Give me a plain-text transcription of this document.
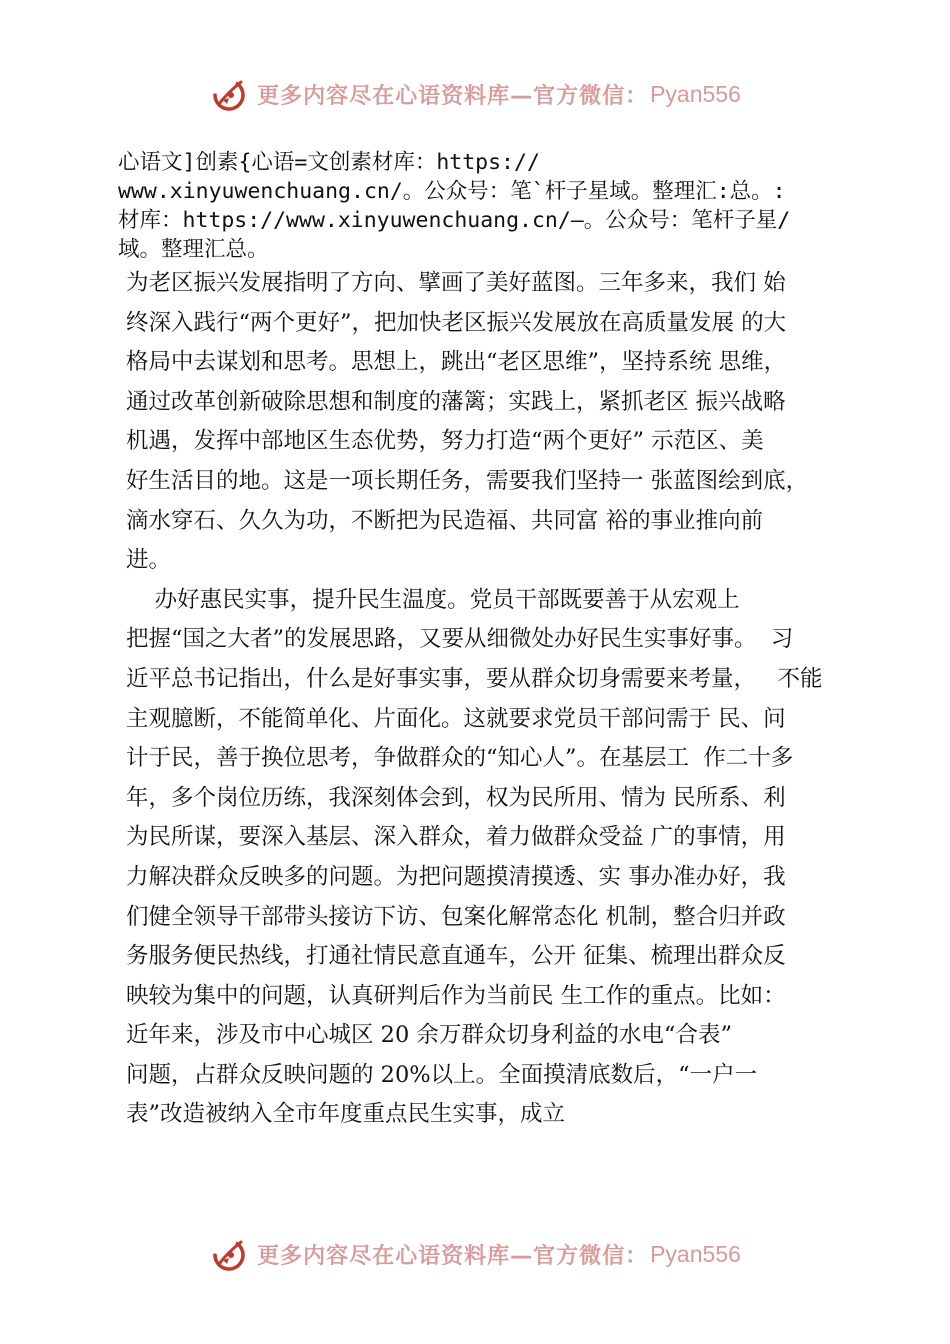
更多内容尽在心语资料库—官方微信： Pyan556
心语文]创素{心语=文创素材库：https://
www.xinyuwenchuang.cn/。公众号：笔`杆子星域。整理汇:总。:
材库：https://www.xinyuwenchuang.cn/—。公众号：笔杆子星/
域。整理汇总。
为老区振兴发展指明了方向、擘画了美好蓝图。三年多来，我们 始
终深入践行“两个更好”，把加快老区振兴发展放在高质量发展 的大
格局中去谋划和思考。思想上，跳出“老区思维”，坚持系统 思维，
通过改革创新破除思想和制度的藩篱；实践上，紧抓老区 振兴战略
机遇，发挥中部地区生态优势，努力打造“两个更好” 示范区、美
好生活目的地。这是一项长期任务，需要我们坚持一 张蓝图绘到底，
滴水穿石、久久为功，不断把为民造福、共同富 裕的事业推向前
进。
办好惠民实事，提升民生温度。党员干部既要善于从宏观上
把握“国之大者”的发展思路，又要从细微处办好民生实事好事。  习
近平总书记指出，什么是好事实事，要从群众切身需要来考量，   不能
主观臆断，不能简单化、片面化。这就要求党员干部问需于 民、问
计于民，善于换位思考，争做群众的“知心人”。在基层工  作二十多
年，多个岗位历练，我深刻体会到，权为民所用、情为 民所系、利
为民所谋，要深入基层、深入群众，着力做群众受益 广的事情，用
力解决群众反映多的问题。为把问题摸清摸透、实 事办准办好，我
们健全领导干部带头接访下访、包案化解常态化 机制，整合归并政
务服务便民热线，打通社情民意直通车，公开 征集、梳理出群众反
映较为集中的问题，认真研判后作为当前民 生工作的重点。比如：
近年来，涉及市中心城区 20 余万群众切身利益的水电“合表”
问题，占群众反映问题的 20%以上。全面摸清底数后，“一户一
表”改造被纳入全市年度重点民生实事，成立
更多内容尽在心语资料库—官方微信： Pyan556
